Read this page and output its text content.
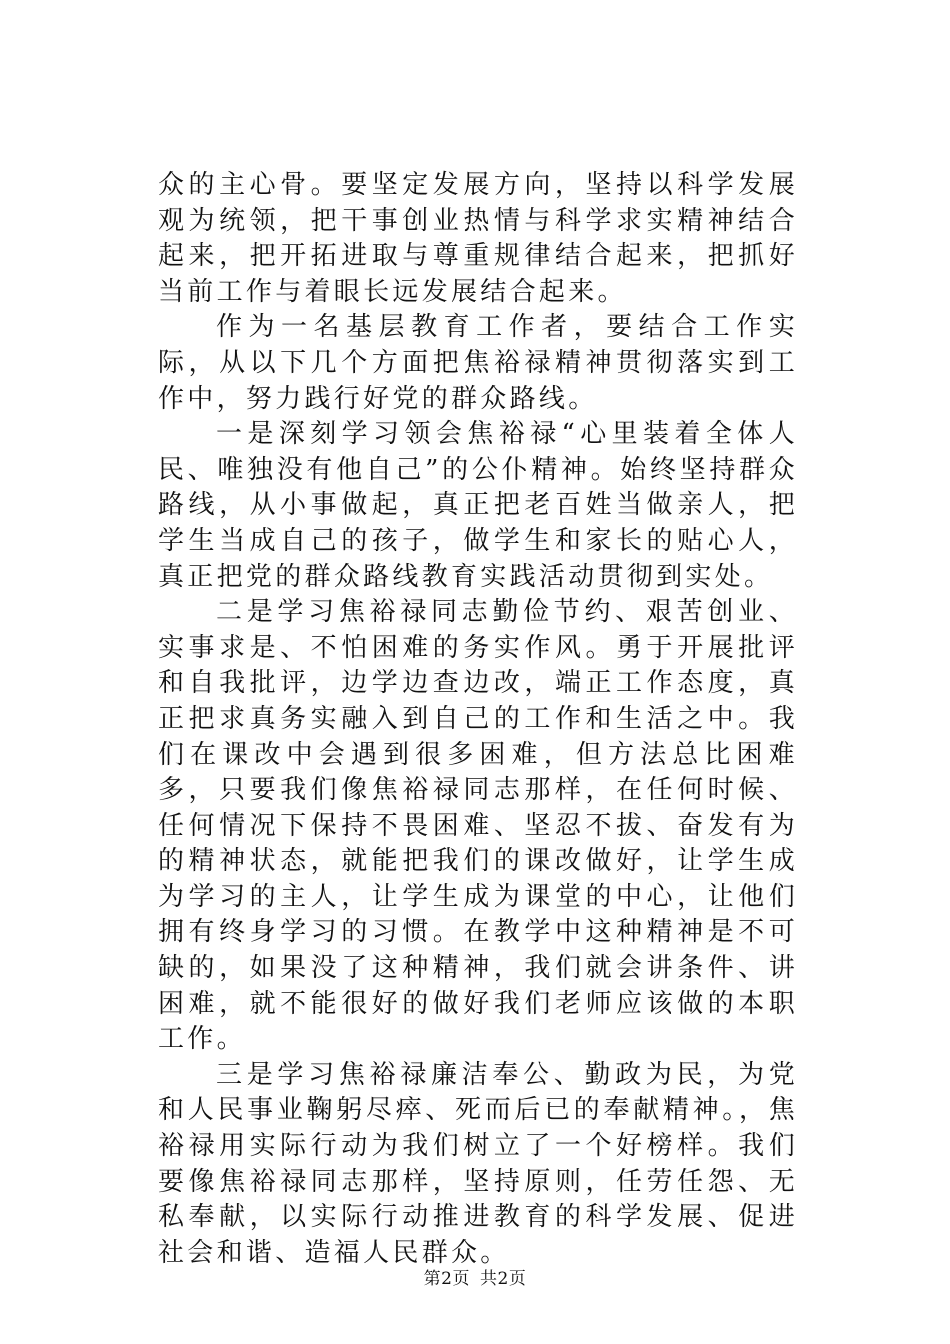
众的主心骨。要坚定发展方向，坚持以科学发展观为统领，把干事创业热情与科学求实精神结合起来，把开拓进取与尊重规律结合起来，把抓好当前工作与着眼长远发展结合起来。

作为一名基层教育工作者，要结合工作实际，从以下几个方面把焦裕禄精神贯彻落实到工作中，努力践行好党的群众路线。

一是深刻学习领会焦裕禄“心里装着全体人民、唯独没有他自己”的公仆精神。始终坚持群众路线，从小事做起，真正把老百姓当做亲人，把学生当成自己的孩子，做学生和家长的贴心人，真正把党的群众路线教育实践活动贯彻到实处。

二是学习焦裕禄同志勤俭节约、艰苦创业、实事求是、不怕困难的务实作风。勇于开展批评和自我批评，边学边查边改，端正工作态度，真正把求真务实融入到自己的工作和生活之中。我们在课改中会遇到很多困难，但方法总比困难多，只要我们像焦裕禄同志那样，在任何时候、任何情况下保持不畏困难、坚忍不拔、奋发有为的精神状态，就能把我们的课改做好，让学生成为学习的主人，让学生成为课堂的中心，让他们拥有终身学习的习惯。在教学中这种精神是不可缺的，如果没了这种精神，我们就会讲条件、讲困难，就不能很好的做好我们老师应该做的本职工作。

三是学习焦裕禄廉洁奉公、勤政为民，为党和人民事业鞠躬尽瘁、死而后已的奉献精神。，焦裕禄用实际行动为我们树立了一个好榜样。我们要像焦裕禄同志那样，坚持原则，任劳任怨、无私奉献，以实际行动推进教育的科学发展、促进社会和谐、造福人民群众。

第2页 共2页
